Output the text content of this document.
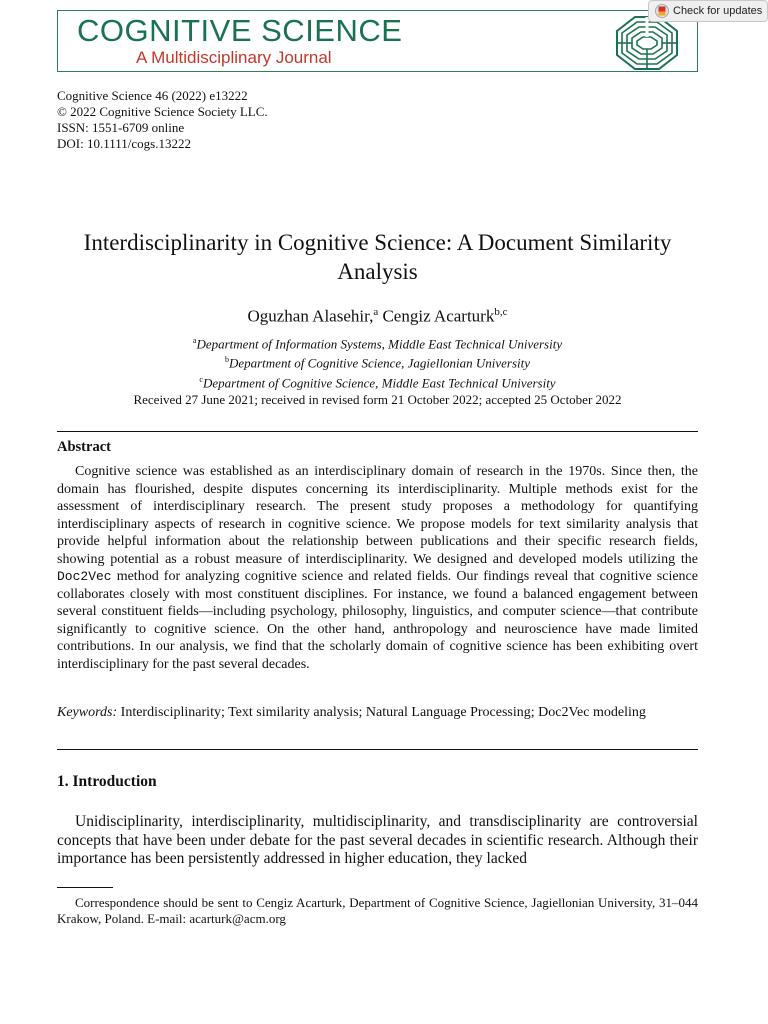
COGNITIVE SCIENCE
A Multidisciplinary Journal
Check for updates
Cognitive Science 46 (2022) e13222
© 2022 Cognitive Science Society LLC.
ISSN: 1551-6709 online
DOI: 10.1111/cogs.13222
Interdisciplinarity in Cognitive Science: A Document Similarity Analysis
Oguzhan Alasehir,$^a$ Cengiz Acarturk$^{b,c}$
$^a$Department of Information Systems, Middle East Technical University
$^b$Department of Cognitive Science, Jagiellonian University
$^c$Department of Cognitive Science, Middle East Technical University
Received 27 June 2021; received in revised form 21 October 2022; accepted 25 October 2022
Abstract
Cognitive science was established as an interdisciplinary domain of research in the 1970s. Since then, the domain has flourished, despite disputes concerning its interdisciplinarity. Multiple methods exist for the assessment of interdisciplinary research. The present study proposes a methodology for quantifying interdisciplinary aspects of research in cognitive science. We propose models for text similarity analysis that provide helpful information about the relationship between publications and their specific research fields, showing potential as a robust measure of interdisciplinarity. We designed and developed models utilizing the Doc2Vec method for analyzing cognitive science and related fields. Our findings reveal that cognitive science collaborates closely with most constituent disciplines. For instance, we found a balanced engagement between several constituent fields—including psychology, philosophy, linguistics, and computer science—that contribute significantly to cognitive science. On the other hand, anthropology and neuroscience have made limited contributions. In our analysis, we find that the scholarly domain of cognitive science has been exhibiting overt interdisciplinary for the past several decades.
Keywords: Interdisciplinarity; Text similarity analysis; Natural Language Processing; Doc2Vec modeling
1. Introduction
Unidisciplinarity, interdisciplinarity, multidisciplinarity, and transdisciplinarity are controversial concepts that have been under debate for the past several decades in scientific research. Although their importance has been persistently addressed in higher education, they lacked
Correspondence should be sent to Cengiz Acarturk, Department of Cognitive Science, Jagiellonian University, 31–044 Krakow, Poland. E-mail: acarturk@acm.org
